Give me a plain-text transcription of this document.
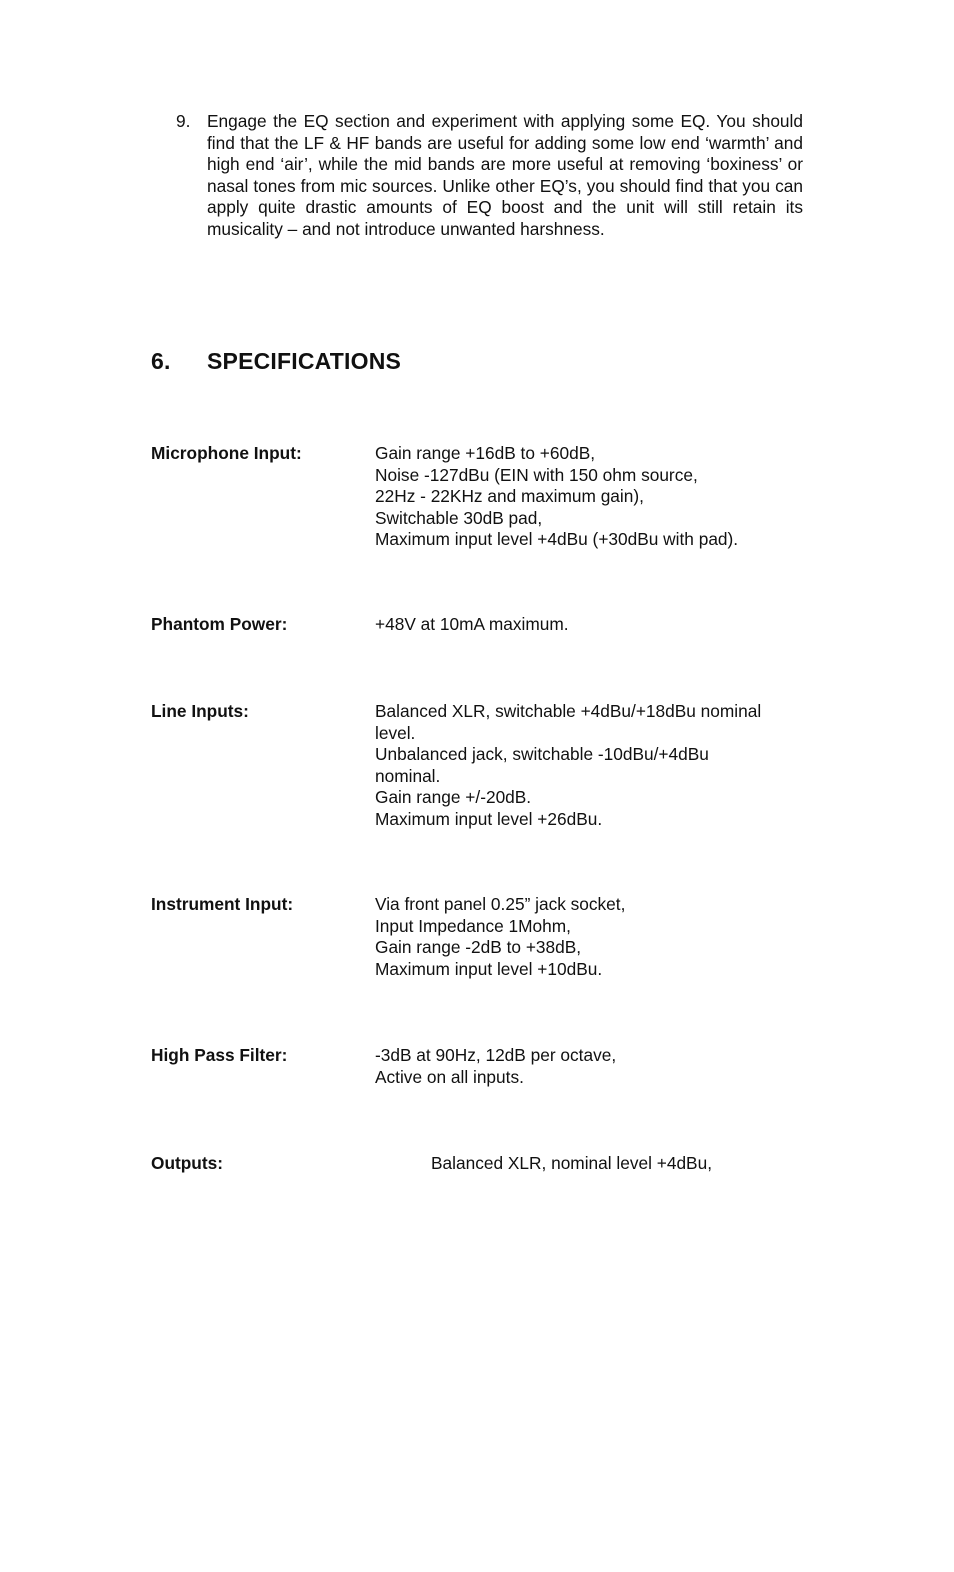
9. Engage the EQ section and experiment with applying some EQ. You should find that the LF & HF bands are useful for adding some low end ‘warmth’ and high end ‘air’, while the mid bands are more useful at removing ‘boxiness’ or nasal tones from mic sources. Unlike other EQ’s, you should find that you can apply quite drastic amounts of EQ boost and the unit will still retain its musicality – and not introduce unwanted harshness.
6. SPECIFICATIONS
Microphone Input:	Gain range +16dB to +60dB,
Noise -127dBu (EIN with 150 ohm source,
22Hz - 22KHz and maximum gain),
Switchable 30dB pad,
Maximum input level +4dBu (+30dBu with pad).
Phantom Power:	+48V at 10mA maximum.
Line Inputs:	Balanced XLR, switchable +4dBu/+18dBu nominal
level.
Unbalanced jack, switchable -10dBu/+4dBu
nominal.
Gain range +/-20dB.
Maximum input level +26dBu.
Instrument Input:	Via front panel 0.25” jack socket,
Input Impedance 1Mohm,
Gain range -2dB to +38dB,
Maximum input level +10dBu.
High Pass Filter:	-3dB at 90Hz, 12dB per octave,
Active on all inputs.
Outputs:	Balanced XLR, nominal level +4dBu,
